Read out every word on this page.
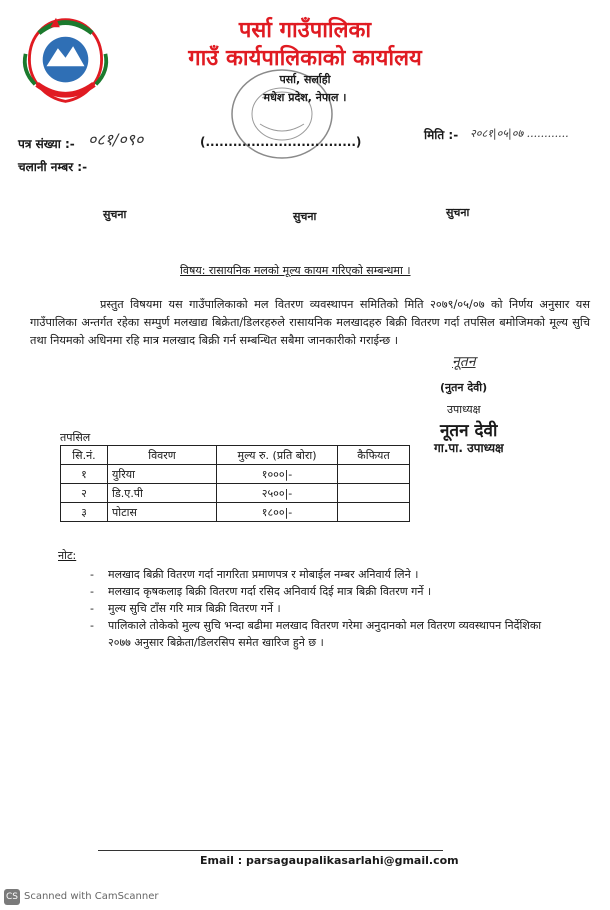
पर्सा गाउँपालिका
गाउँ कार्यपालिकाको कार्यालय
पर्सा, सर्लाही
मधेश प्रदेश, नेपाल ।
पत्र संख्या :- ०८१/०९०	(.................................)	मिति :- २०८१|०५|०७ ............
चलानी नम्बर :-
सुचना	सुचना	सुचना
विषय: रासायनिक मलको मूल्य कायम गरिएको सम्बन्धमा ।
प्रस्तुत विषयमा यस गाउँपालिकाको मल वितरण व्यवस्थापन समितिको मिति २०७९/०५/०७ को निर्णय अनुसार यस गाउँपालिका अन्तर्गत रहेका सम्पुर्ण मलखाद्य बिक्रेता/डिलरहरुले रासायनिक मलखादहरु बिक्री वितरण गर्दा तपसिल बमोजिमको मूल्य सुचि तथा नियमको अधिनमा रहि मात्र मलखाद बिक्री गर्न सम्बन्धित सबैमा जानकारीको गराईन्छ ।
नूतन
(नुतन देवी)
उपाध्यक्ष
नूतन देवी
गा.पा. उपाध्यक्ष
तपसिल
सि.नं.	विवरण	मुल्य रु. (प्रति बोरा)	कैफियत
१	युरिया	१०००|-	
२	डि.ए.पी	२५००|-	
३	पोटास	१८००|-	
नोट:
- मलखाद बिक्री वितरण गर्दा नागरिता प्रमाणपत्र र मोबाईल नम्बर अनिवार्य लिने ।
- मलखाद कृषकलाइ बिक्री वितरण गर्दा रसिद अनिवार्य दिई मात्र बिक्री वितरण गर्ने ।
- मुल्य सुचि टाँस गरि मात्र बिक्री वितरण गर्ने ।
- पालिकाले तोकेको मुल्य सुचि भन्दा बढीमा मलखाद वितरण गरेमा अनुदानको मल वितरण व्यवस्थापन निर्देशिका २०७७ अनुसार बिक्रेता/डिलरसिप समेत खारिज हुने छ ।
Email : parsagaupalikasarlahi@gmail.com
CS Scanned with CamScanner
